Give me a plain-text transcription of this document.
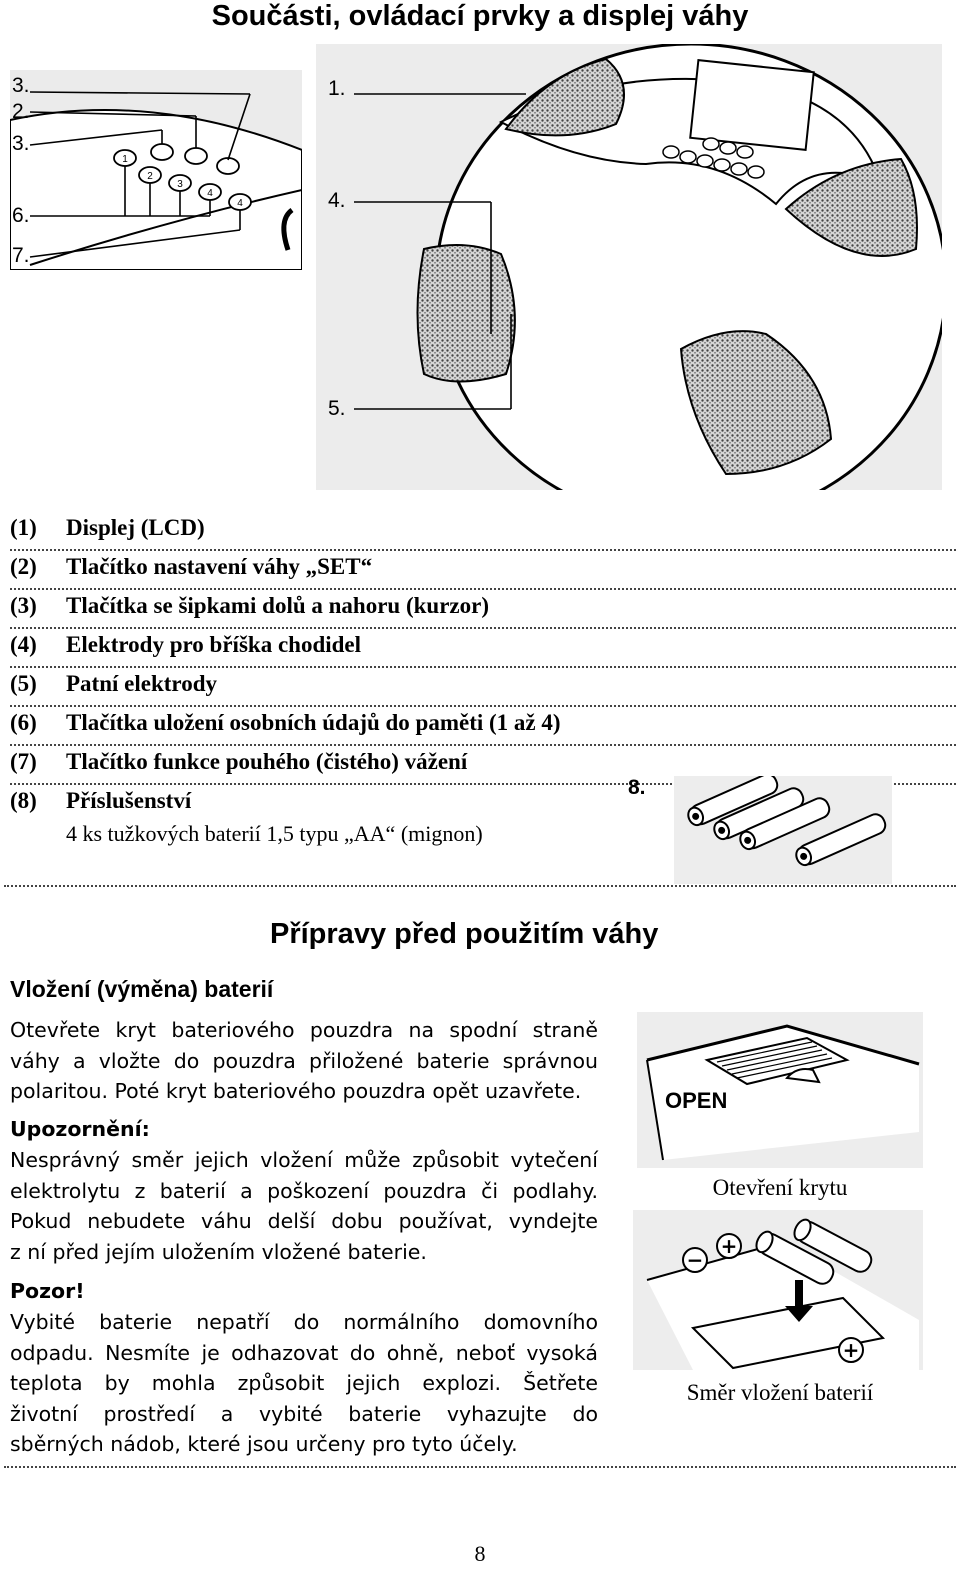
Součásti, ovládací prvky a displej váhy
1
2
3
4
4
3.
2.
3.
6.
7.
1.
4.
5.
(1) Displej (LCD)
(2) Tlačítko nastavení váhy „SET“
(3) Tlačítka se šipkami dolů a nahoru (kurzor)
(4) Elektrody pro bříška chodidel
(5) Patní elektrody
(6) Tlačítka uložení osobních údajů do paměti (1 až 4)
(7) Tlačítko funkce pouhého (čistého) vážení
(8) Příslušenství
4 ks tužkových baterií 1,5 typu „AA“ (mignon)
8.
Přípravy před použitím váhy
Vložení (výměna) baterií
Otevřete kryt bateriového pouzdra na spodní straně
váhy a vložte do pouzdra přiložené baterie správnou
polaritou. Poté kryt bateriového pouzdra opět uzavřete.
Upozornění:
Nesprávný směr jejich vložení může způsobit vytečení
elektrolytu z baterií a poškození pouzdra či podlahy.
Pokud nebudete váhu delší dobu používat, vyndejte
z ní před jejím uložením vložené baterie.
Pozor!
Vybité baterie nepatří do normálního domovního
odpadu. Nesmíte je odhazovat do ohně, neboť vysoká
teplota by mohla způsobit jejich explozi. Šetřete
životní prostředí a vybité baterie vyhazujte do
sběrných nádob, které jsou určeny pro tyto účely.
OPEN
Otevření krytu
+
−
+
Směr vložení baterií
8
